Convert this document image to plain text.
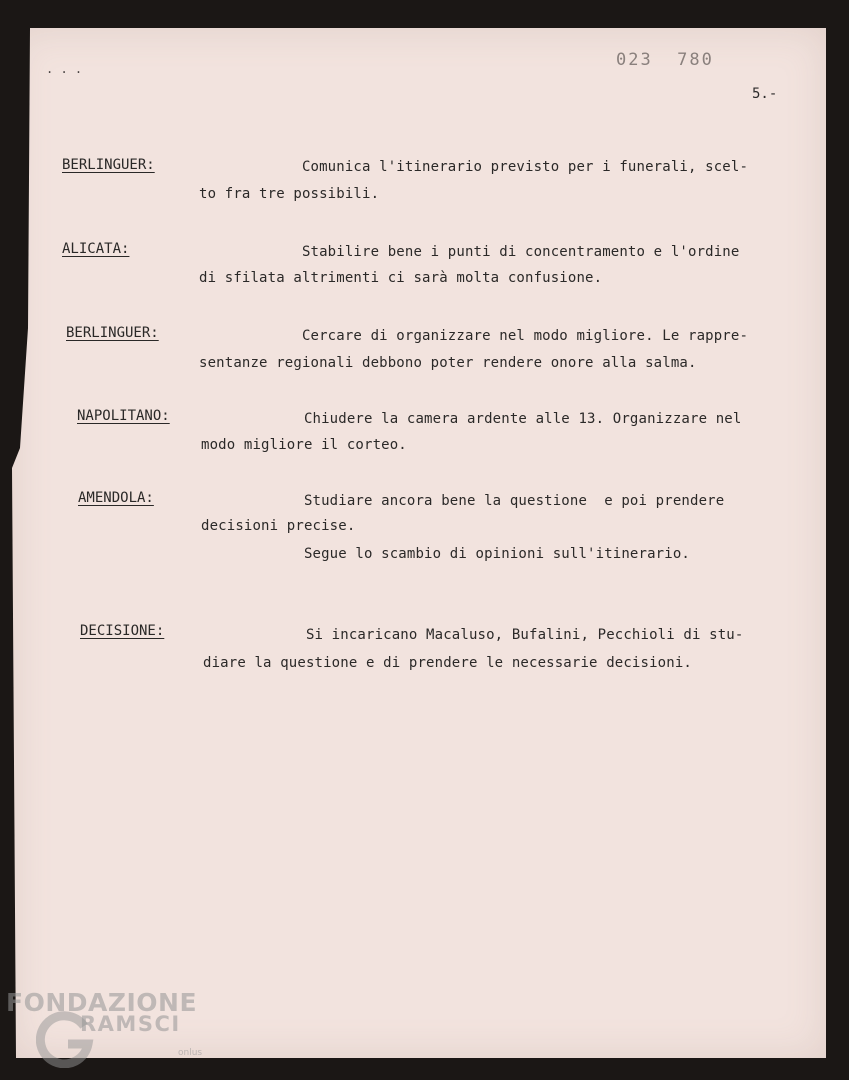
. . .	023  780
5.-
BERLINGUER:	Comunica l'itinerario previsto per i funerali, scel-
to fra tre possibili.
ALICATA:	Stabilire bene i punti di concentramento e l'ordine
di sfilata altrimenti ci sarà molta confusione.
BERLINGUER:	Cercare di organizzare nel modo migliore. Le rappre-
sentanze regionali debbono poter rendere onore alla salma.
NAPOLITANO: Chiudere la camera ardente alle 13. Organizzare nel
modo migliore il corteo.
AMENDOLA:	Studiare ancora bene la questione  e poi prendere
decisioni precise.
Segue lo scambio di opinioni sull'itinerario.
DECISIONE:	Si incaricano Macaluso, Bufalini, Pecchioli di stu-
diare la questione e di prendere le necessarie decisioni.
FONDAZIONE
RAMSCI
onlus
